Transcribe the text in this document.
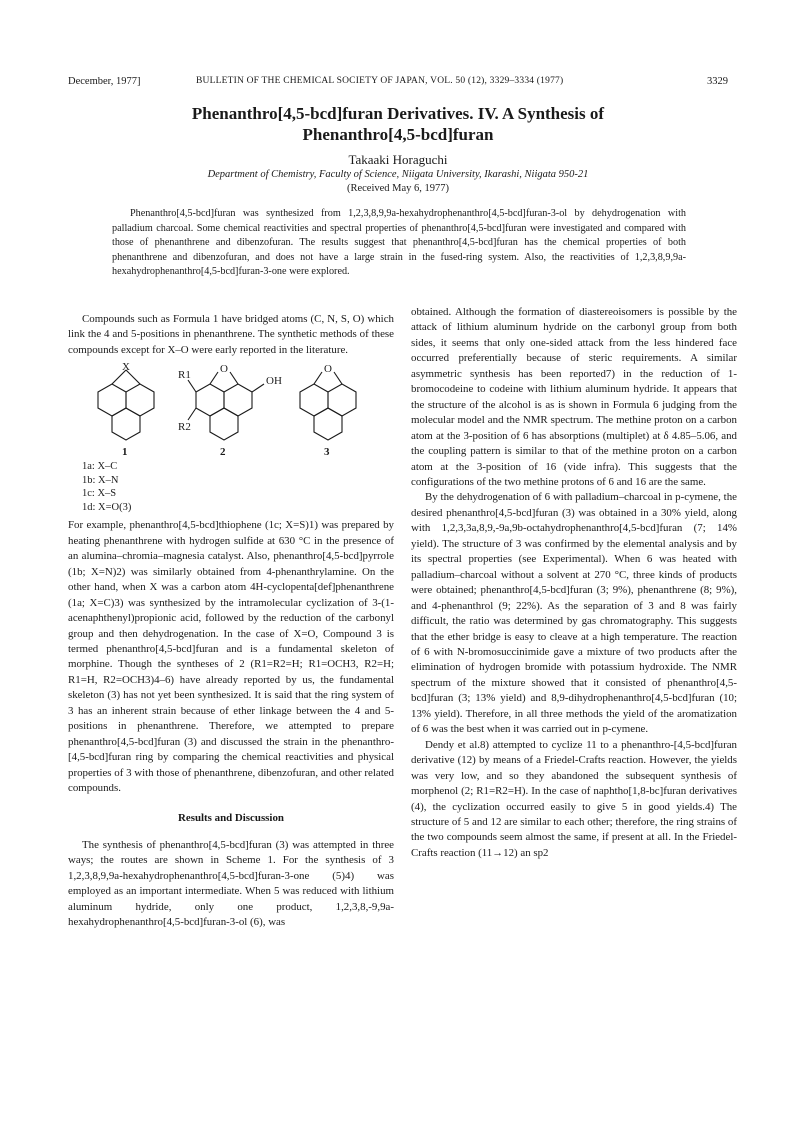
December, 1977]	BULLETIN OF THE CHEMICAL SOCIETY OF JAPAN, VOL. 50 (12), 3329–3334 (1977)	3329
Phenanthro[4,5-bcd]furan Derivatives. IV. A Synthesis of
Phenanthro[4,5-bcd]furan
Takaaki Horaguchi
Department of Chemistry, Faculty of Science, Niigata University, Ikarashi, Niigata 950-21
(Received May 6, 1977)
Phenanthro[4,5-bcd]furan was synthesized from 1,2,3,8,9,9a-hexahydrophenanthro[4,5-bcd]furan-3-ol by dehydrogenation with palladium charcoal. Some chemical reactivities and spectral properties of phenanthro[4,5-bcd]furan were investigated and compared with those of phenanthrene and dibenzofuran. The results suggest that phenanthro[4,5-bcd]furan has the chemical properties of both phenanthrene and dibenzofuran, and does not have a large strain in the fused-ring system. Also, the reactivities of 1,2,3,8,9,9a-hexahydrophenanthro[4,5-bcd]furan-3-one were explored.

Compounds such as Formula 1 have bridged atoms (C, N, S, O) which link the 4 and 5-positions in phenanthrene. The synthetic methods of these compounds except for X–O were early reported in the literature.

X
R1	O
OH
R2
O
1	2	3
1a: X–C
1b: X–N
1c: X–S
1d: X=O(3)

For example, phenanthro[4,5-bcd]thiophene (1c; X=S)1) was prepared by heating phenanthrene with hydrogen sulfide at 630 °C in the presence of an alumina–chromia–magnesia catalyst. Also, phenanthro[4,5-bcd]pyrrole (1b; X=N)2) was similarly obtained from 4-phenanthrylamine. On the other hand, when X was a carbon atom 4H-cyclopenta[def]phenanthrene (1a; X=C)3) was synthesized by the intramolecular cyclization of 3-(1-acenaphthenyl)propionic acid, followed by the reduction of the carbonyl group and then dehydrogenation. In the case of X=O, Compound 3 is termed phenanthro[4,5-bcd]furan and is a fundamental skeleton of morphine. Though the syntheses of 2 (R1=R2=H; R1=OCH3, R2=H; R1=H, R2=OCH3)4–6) have already reported by us, the fundamental skeleton (3) has not yet been synthesized. It is said that the ring system of 3 has an inherent strain because of ether linkage between the 4 and 5-positions in phenanthrene. Therefore, we attempted to prepare phenanthro[4,5-bcd]furan (3) and discussed the strain in the phenanthro-[4,5-bcd]furan ring by comparing the chemical reactivities and physical properties of 3 with those of phenanthrene, dibenzofuran, and other related compounds.

Results and Discussion

The synthesis of phenanthro[4,5-bcd]furan (3) was attempted in three ways; the routes are shown in Scheme 1. For the synthesis of 3 1,2,3,8,9,9a-hexahydrophenanthro[4,5-bcd]furan-3-one (5)4) was employed as an important intermediate. When 5 was reduced with lithium aluminum hydride, only one product, 1,2,3,8,-9,9a-hexahydrophenanthro[4,5-bcd]furan-3-ol (6), was

obtained. Although the formation of diastereoisomers is possible by the attack of lithium aluminum hydride on the carbonyl group from both sides, it seems that only one-sided attack from the less hindered face occurred preferentially because of steric requirements. A similar asymmetric synthesis has been reported7) in the reduction of 1-bromocodeine to codeine with lithium aluminum hydride. It appears that the structure of the alcohol is as is shown in Formula 6 judging from the molecular model and the NMR spectrum. The methine proton on a carbon atom at the 3-position of 6 has absorptions (multiplet) at δ 4.85–5.06, and the coupling pattern is similar to that of the methine proton on a carbon atom at the 3-position of 16 (vide infra). This suggests that the configurations of the two methine protons of 6 and 16 are the same.

By the dehydrogenation of 6 with palladium–charcoal in p-cymene, the desired phenanthro[4,5-bcd]furan (3) was obtained in a 30% yield, along with 1,2,3,3a,8,9,-9a,9b-octahydrophenanthro[4,5-bcd]furan (7; 14% yield). The structure of 3 was confirmed by the elemental analysis and by its spectral properties (see Experimental). When 6 was heated with palladium–charcoal without a solvent at 270 °C, three kinds of products were obtained; phenanthro[4,5-bcd]furan (3; 9%), phenanthrene (8; 9%), and 4-phenanthrol (9; 22%). As the separation of 3 and 8 was fairly difficult, the ratio was determined by gas chromatography. This suggests that the ether bridge is easy to cleave at a high temperature. The reaction of 6 with N-bromosuccinimide gave a mixture of two products after the elimination of hydrogen bromide with potassium hydroxide. The NMR spectrum of the mixture showed that it consisted of phenanthro[4,5-bcd]furan (3; 13% yield) and 8,9-dihydrophenanthro[4,5-bcd]furan (10; 13% yield). Therefore, in all three methods the yield of the aromatization of 6 was the best when it was carried out in p-cymene.

Dendy et al.8) attempted to cyclize 11 to a phenanthro-[4,5-bcd]furan derivative (12) by means of a Friedel-Crafts reaction. However, the yields was very low, and so they abandoned the subsequent synthesis of morphenol (2; R1=R2=H). In the case of naphtho[1,8-bc]furan derivatives (4), the cyclization occurred easily to give 5 in good yields.4) The structure of 5 and 12 are similar to each other; therefore, the ring strains of the two compounds seem almost the same, if present at all. In the Friedel-Crafts reaction (11→12) an sp2
